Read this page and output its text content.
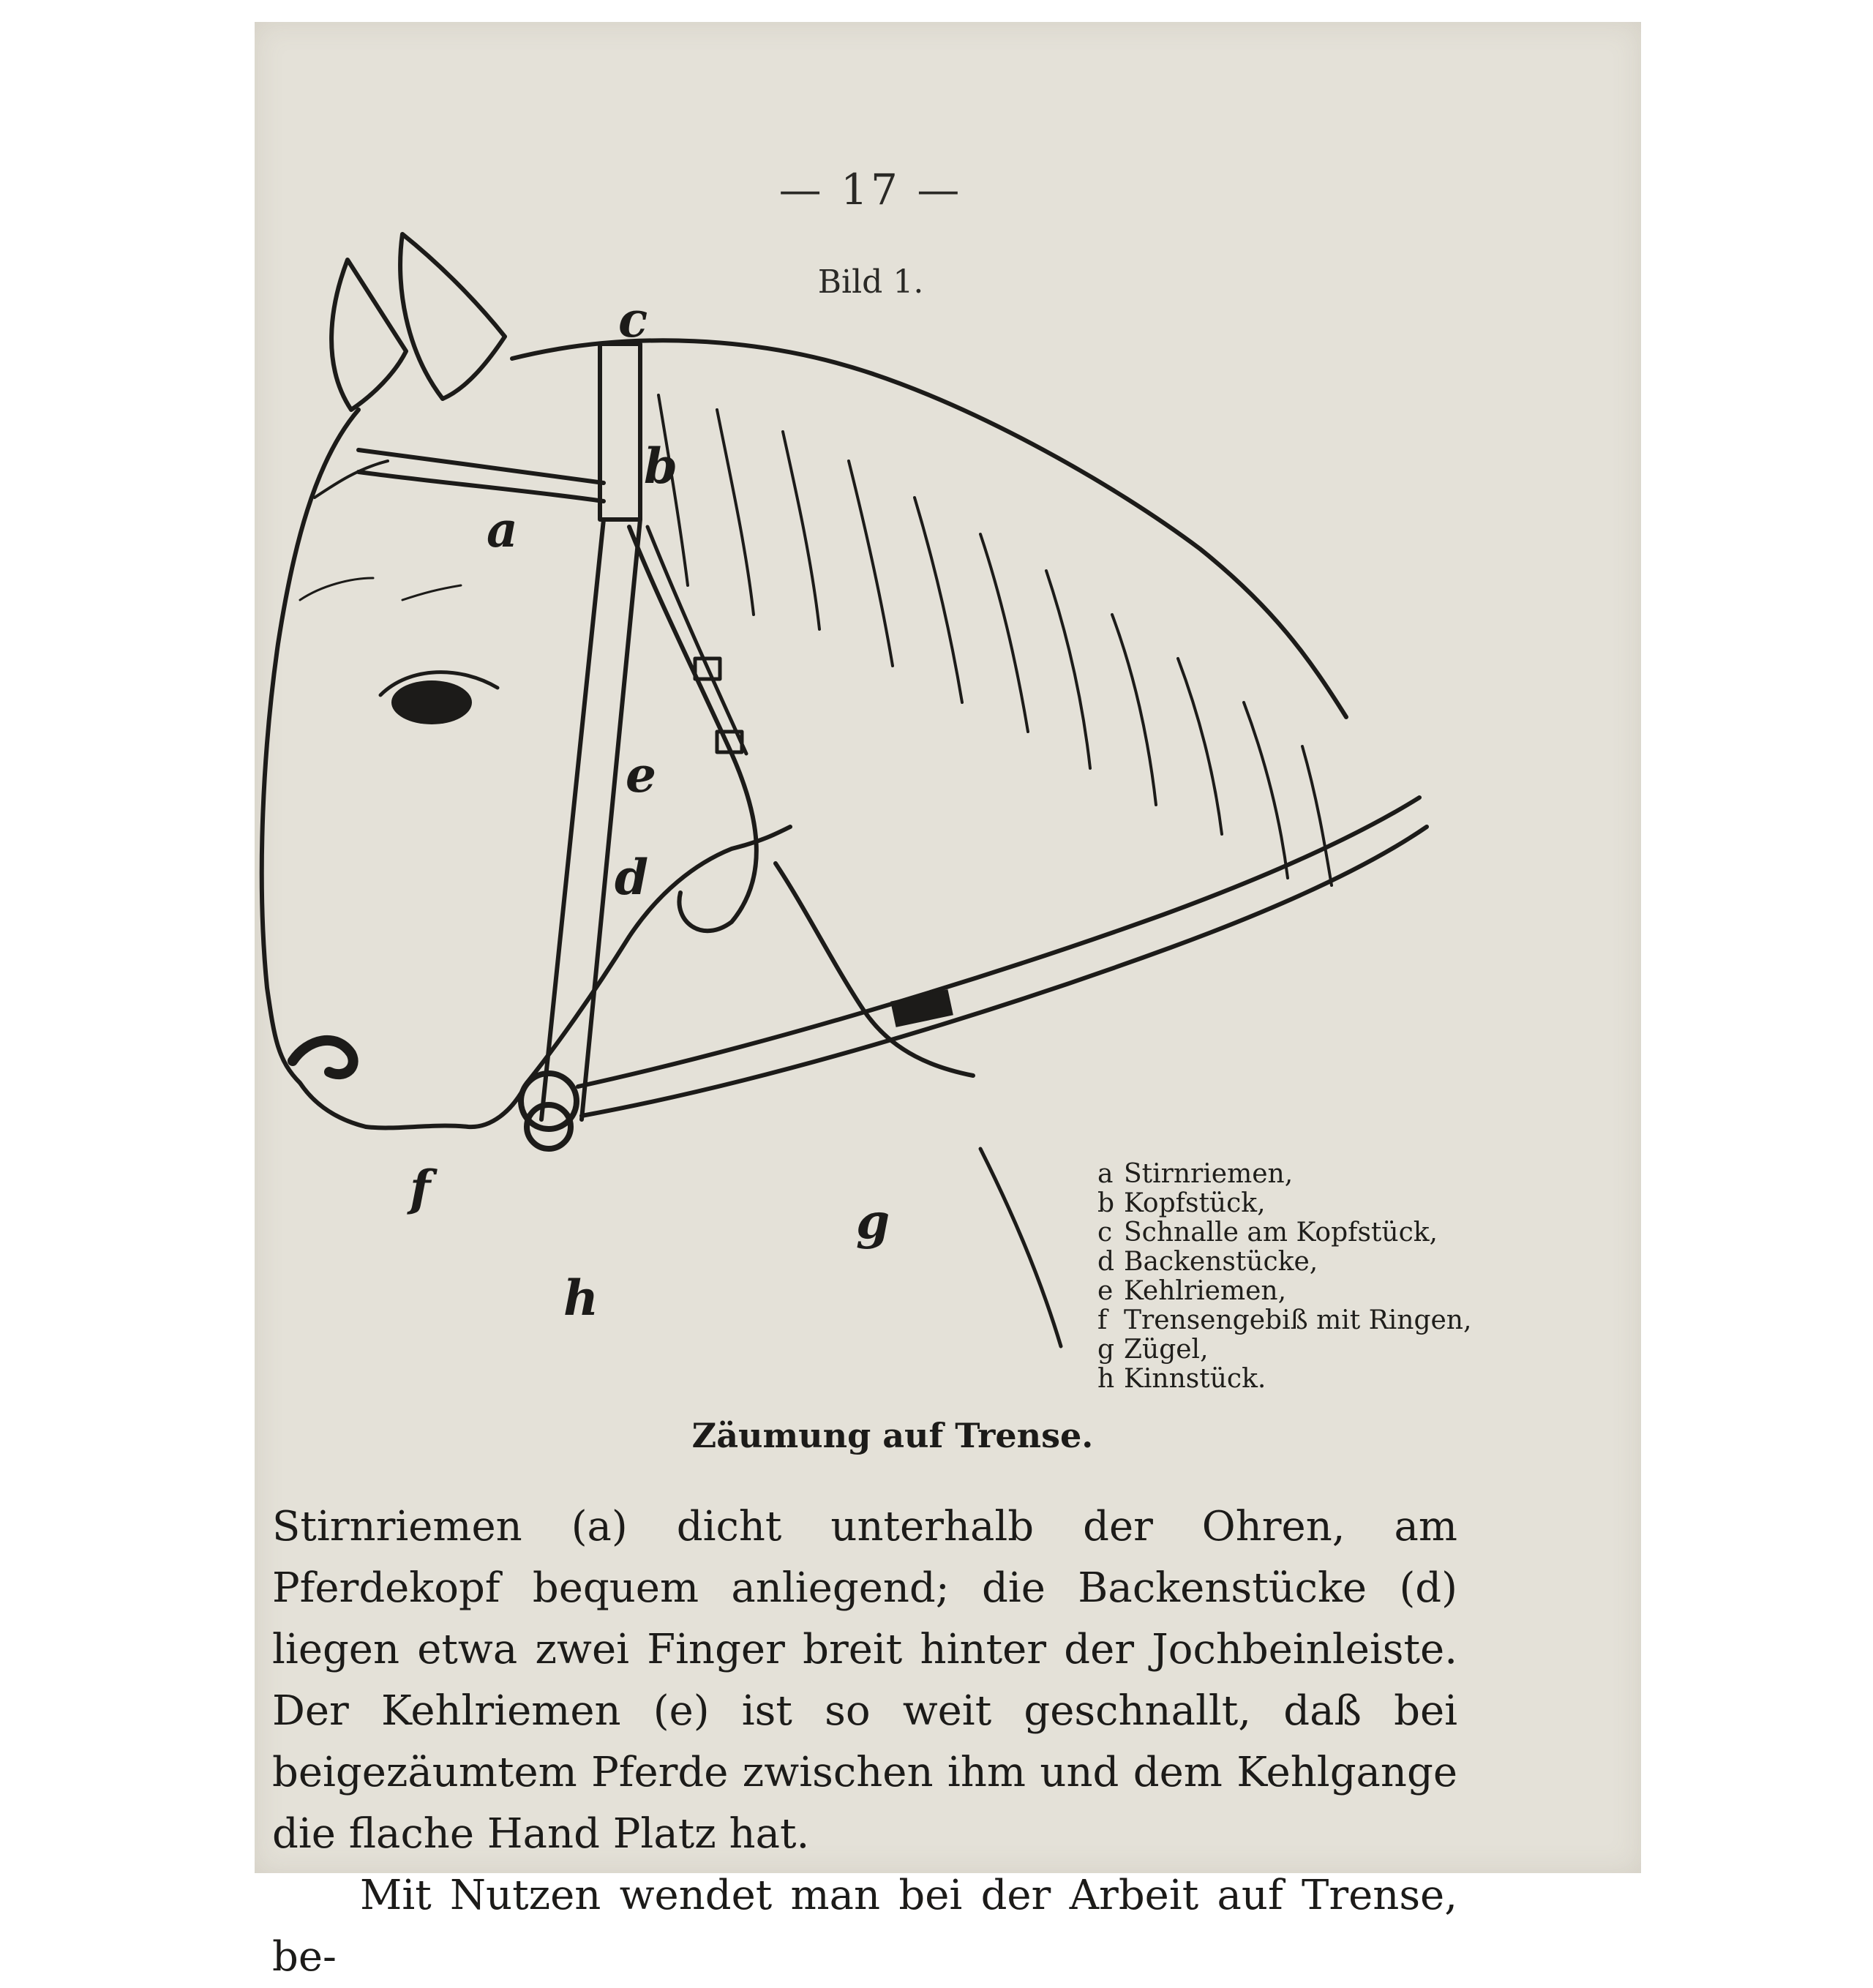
— 17 —
Bild 1.
a
b
c
d
e
f
g
h
a Stirnriemen,
b Kopfstück,
c Schnalle am Kopfstück,
d Backenstücke,
e Kehlriemen,
f Trensengebiß mit Ringen,
g Zügel,
h Kinnstück.
Zäumung auf Trense.

Stirnriemen (a) dicht unterhalb der Ohren, am Pferdekopf bequem anliegend; die Backenstücke (d) liegen etwa zwei Finger breit hinter der Jochbeinleiste. Der Kehlriemen (e) ist so weit geschnallt, daß bei beigezäumtem Pferde zwischen ihm und dem Kehlgange die flache Hand Platz hat.

Mit Nutzen wendet man bei der Arbeit auf Trense, be-
